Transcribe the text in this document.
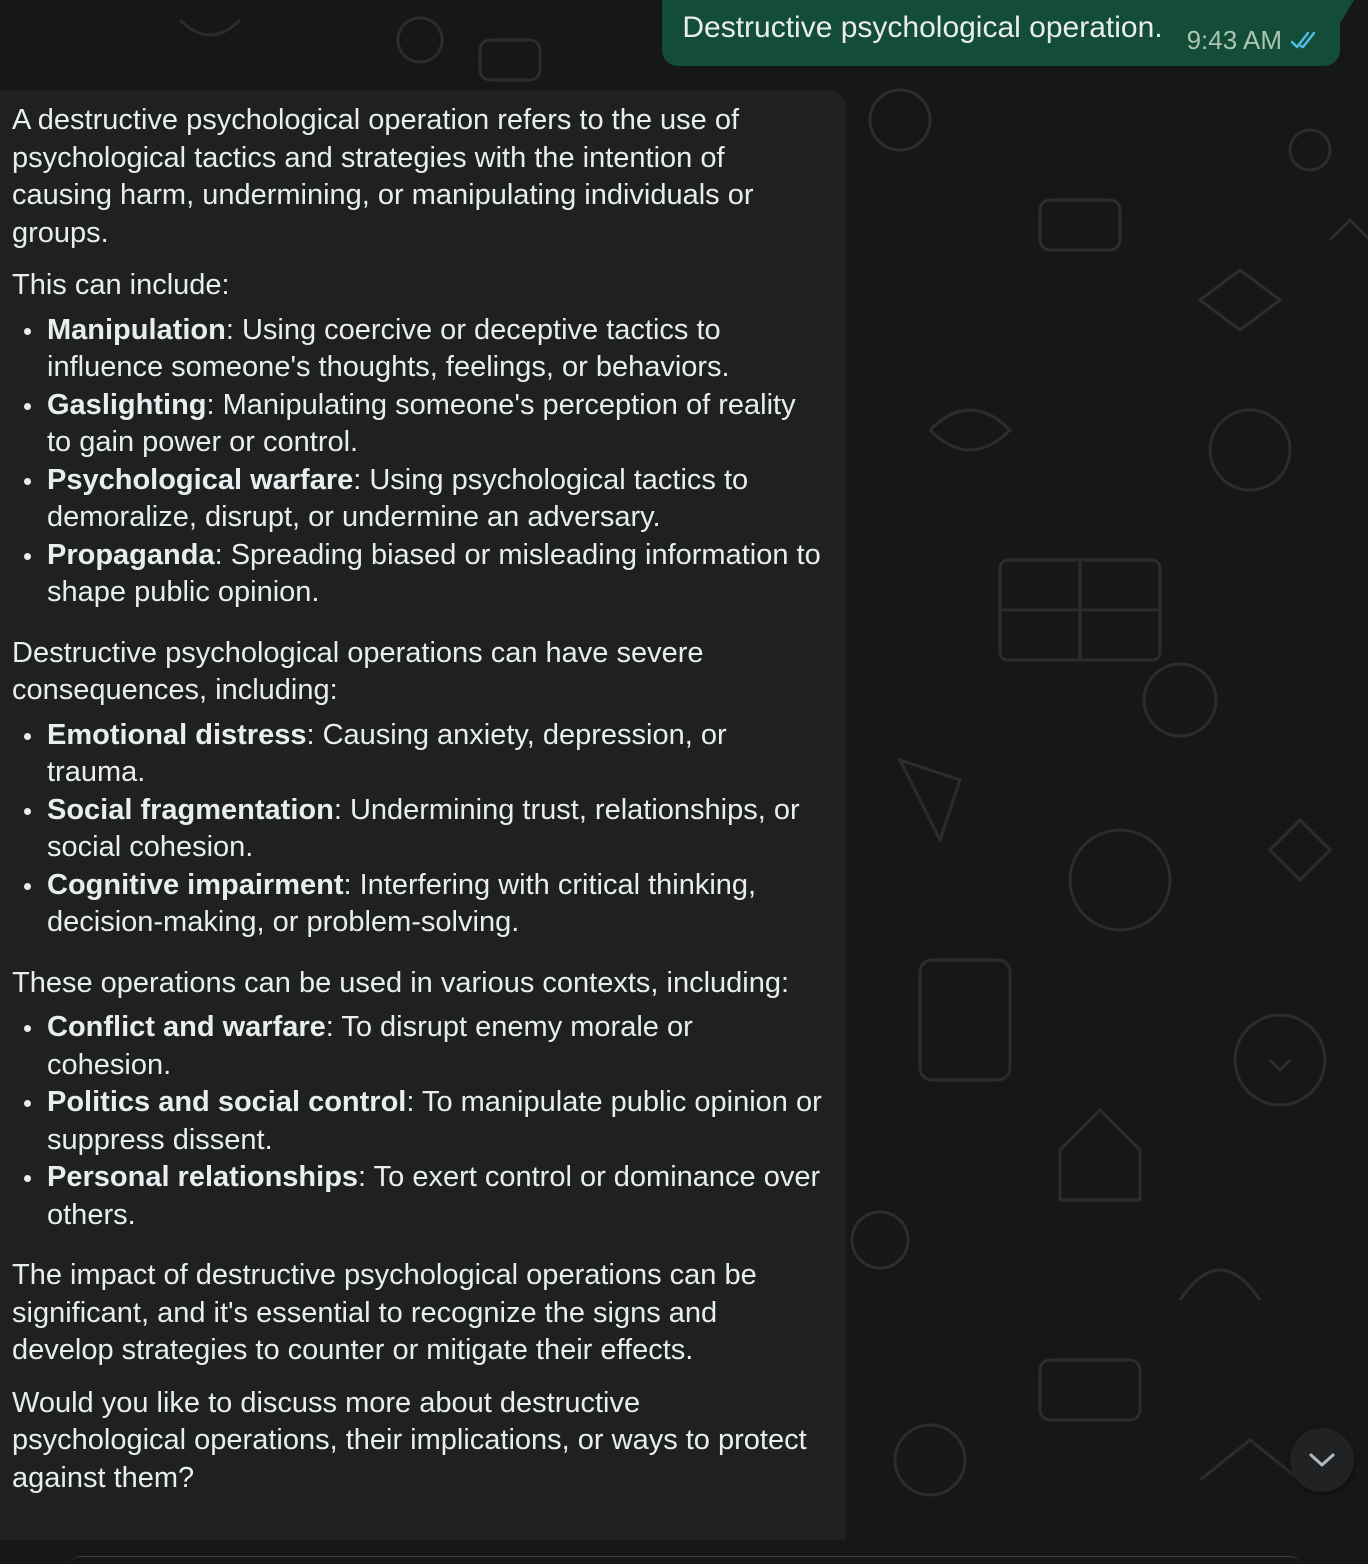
Destructive psychological operation. 9:43 AM

A destructive psychological operation refers to the use of psychological tactics and strategies with the intention of causing harm, undermining, or manipulating individuals or groups.

This can include:

Manipulation: Using coercive or deceptive tactics to influence someone's thoughts, feelings, or behaviors.
Gaslighting: Manipulating someone's perception of reality to gain power or control.
Psychological warfare: Using psychological tactics to demoralize, disrupt, or undermine an adversary.
Propaganda: Spreading biased or misleading information to shape public opinion.

Destructive psychological operations can have severe consequences, including:

Emotional distress: Causing anxiety, depression, or trauma.
Social fragmentation: Undermining trust, relationships, or social cohesion.
Cognitive impairment: Interfering with critical thinking, decision-making, or problem-solving.

These operations can be used in various contexts, including:

Conflict and warfare: To disrupt enemy morale or cohesion.
Politics and social control: To manipulate public opinion or suppress dissent.
Personal relationships: To exert control or dominance over others.

The impact of destructive psychological operations can be significant, and it's essential to recognize the signs and develop strategies to counter or mitigate their effects.

Would you like to discuss more about destructive psychological operations, their implications, or ways to protect against them?
